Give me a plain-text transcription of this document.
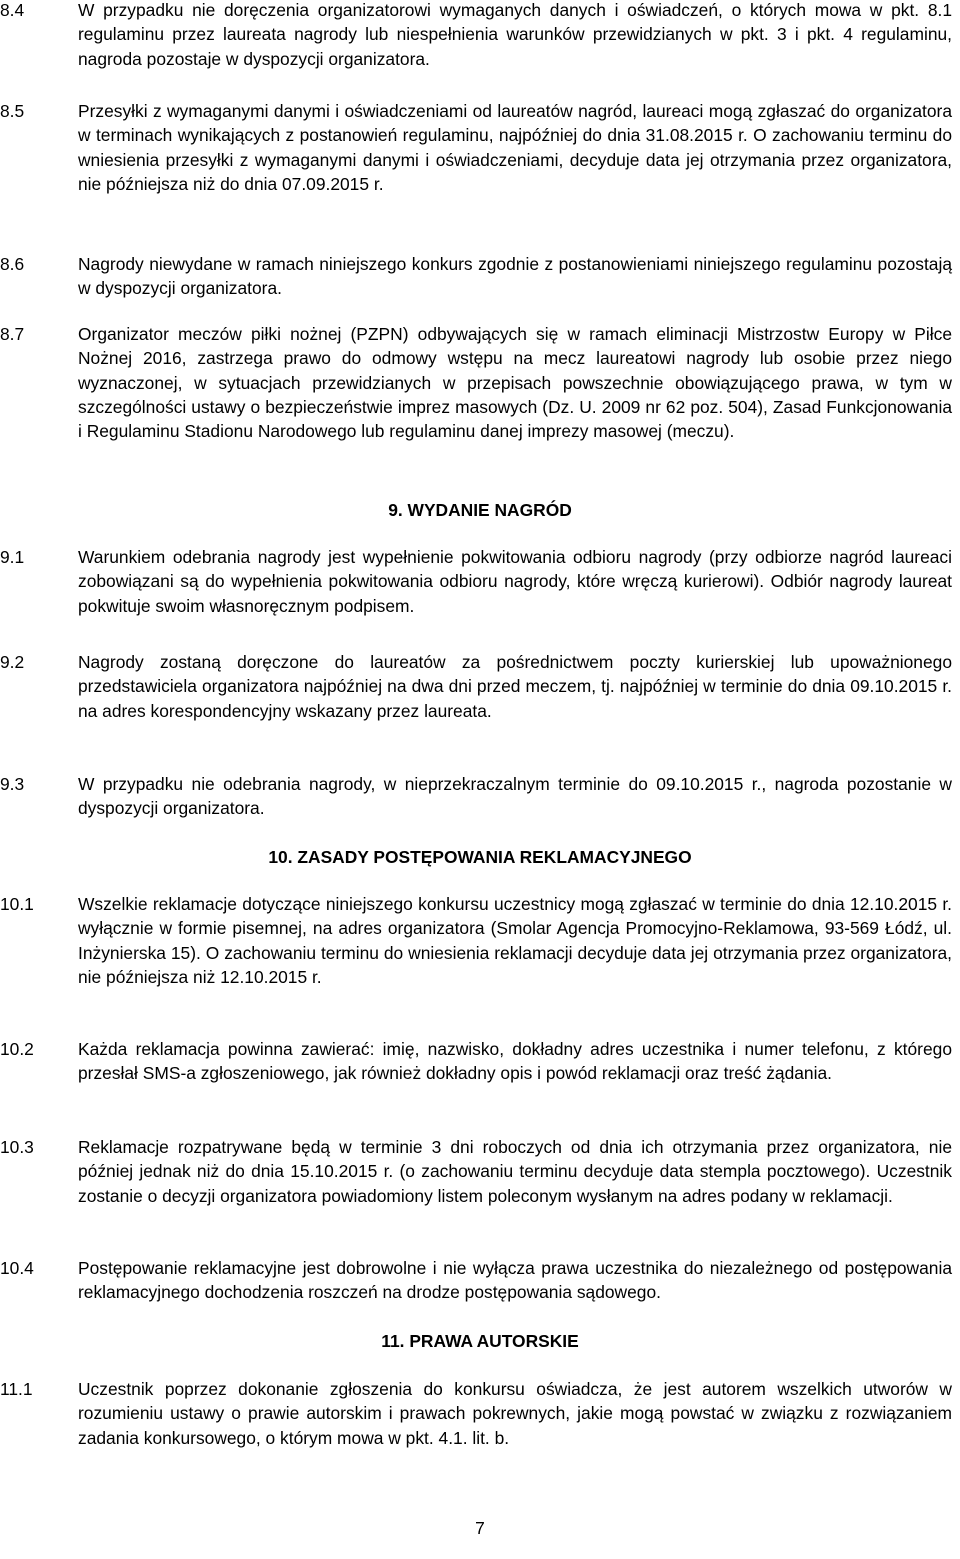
8.4	W przypadku nie doręczenia organizatorowi wymaganych danych i oświadczeń, o których mowa w pkt. 8.1 regulaminu przez laureata nagrody lub niespełnienia warunków przewidzianych w pkt. 3 i pkt. 4 regulaminu, nagroda pozostaje w dyspozycji organizatora.
8.5	Przesyłki z wymaganymi danymi i oświadczeniami od laureatów nagród, laureaci mogą zgłaszać do organizatora w terminach wynikających z postanowień regulaminu, najpóźniej do dnia 31.08.2015 r. O zachowaniu terminu do wniesienia przesyłki z wymaganymi danymi i oświadczeniami, decyduje data jej otrzymania przez organizatora, nie późniejsza niż do dnia 07.09.2015 r.
8.6	Nagrody niewydane w ramach niniejszego konkurs zgodnie z postanowieniami niniejszego regulaminu pozostają w dyspozycji organizatora.
8.7	Organizator meczów piłki nożnej (PZPN) odbywających się w ramach eliminacji Mistrzostw Europy w Piłce Nożnej 2016, zastrzega prawo do odmowy wstępu na mecz laureatowi nagrody lub osobie przez niego wyznaczonej, w sytuacjach przewidzianych w przepisach powszechnie obowiązującego prawa, w tym w szczególności ustawy o bezpieczeństwie imprez masowych (Dz. U. 2009 nr 62 poz. 504), Zasad Funkcjonowania i Regulaminu Stadionu Narodowego lub regulaminu danej imprezy masowej (meczu).
9. WYDANIE NAGRÓD
9.1	Warunkiem odebrania nagrody jest wypełnienie pokwitowania odbioru nagrody (przy odbiorze nagród laureaci zobowiązani są do wypełnienia pokwitowania odbioru nagrody, które wręczą kurierowi). Odbiór nagrody laureat pokwituje swoim własnoręcznym podpisem.
9.2	Nagrody zostaną doręczone do laureatów za pośrednictwem poczty kurierskiej lub upoważnionego przedstawiciela organizatora najpóźniej na dwa dni przed meczem, tj. najpóźniej w terminie do dnia 09.10.2015 r. na adres korespondencyjny wskazany przez laureata.
9.3	W przypadku nie odebrania nagrody, w nieprzekraczalnym terminie do 09.10.2015 r., nagroda pozostanie w dyspozycji organizatora.
10. ZASADY POSTĘPOWANIA REKLAMACYJNEGO
10.1	Wszelkie reklamacje dotyczące niniejszego konkursu uczestnicy mogą zgłaszać w terminie do dnia 12.10.2015 r. wyłącznie w formie pisemnej, na adres organizatora (Smolar Agencja Promocyjno-Reklamowa, 93-569 Łódź, ul. Inżynierska 15). O zachowaniu terminu do wniesienia reklamacji decyduje data jej otrzymania przez organizatora, nie późniejsza niż 12.10.2015 r.
10.2	Każda reklamacja powinna zawierać: imię, nazwisko, dokładny adres uczestnika i numer telefonu, z którego przesłał SMS-a zgłoszeniowego, jak również dokładny opis i powód reklamacji oraz treść żądania.
10.3	Reklamacje rozpatrywane będą w terminie 3 dni roboczych od dnia ich otrzymania przez organizatora, nie później jednak niż do dnia 15.10.2015 r. (o zachowaniu terminu decyduje data stempla pocztowego). Uczestnik zostanie o decyzji organizatora powiadomiony listem poleconym wysłanym na adres podany w reklamacji.
10.4	Postępowanie reklamacyjne jest dobrowolne i nie wyłącza prawa uczestnika do niezależnego od postępowania reklamacyjnego dochodzenia roszczeń na drodze postępowania sądowego.
11. PRAWA AUTORSKIE
11.1	Uczestnik poprzez dokonanie zgłoszenia do konkursu oświadcza, że jest autorem wszelkich utworów w rozumieniu ustawy o prawie autorskim i prawach pokrewnych, jakie mogą powstać w związku z rozwiązaniem zadania konkursowego, o którym mowa w pkt. 4.1. lit. b.
7
